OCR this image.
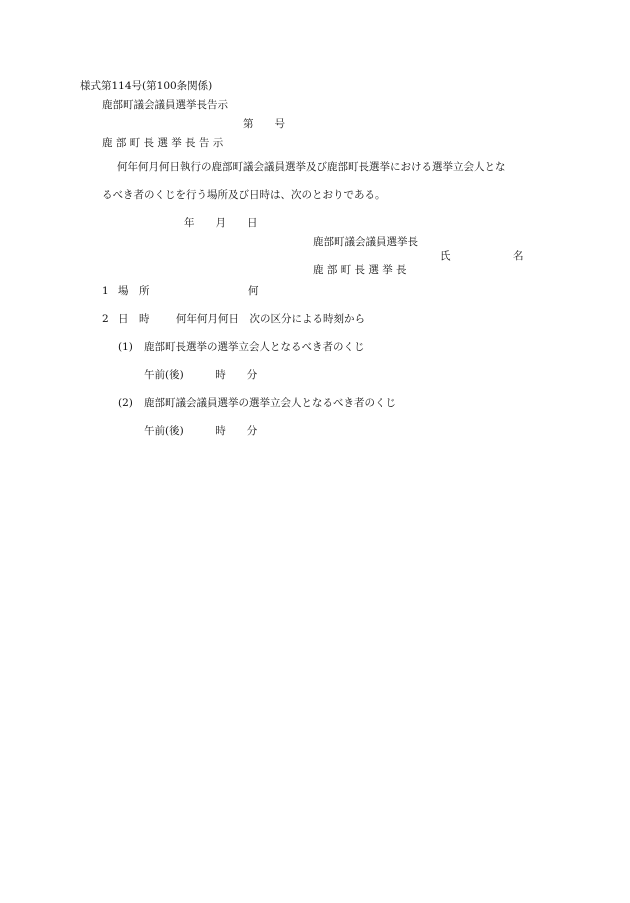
様式第114号(第100条関係)
鹿部町議会議員選挙長告示
第　　号
鹿 部 町 長 選 挙 長 告 示
何年何月何日執行の鹿部町議会議員選挙及び鹿部町長選挙における選挙立会人とな
るべき者のくじを行う場所及び日時は、次のとおりである。
年　　月　　日
鹿部町議会議員選挙長
氏	名
鹿 部 町 長 選 挙 長
1 場　所	何
2 日　時	何年何月何日　次の区分による時刻から
(1) 鹿部町長選挙の選挙立会人となるべき者のくじ
午前(後)　　　時　　分
(2) 鹿部町議会議員選挙の選挙立会人となるべき者のくじ
午前(後)　　　時　　分
